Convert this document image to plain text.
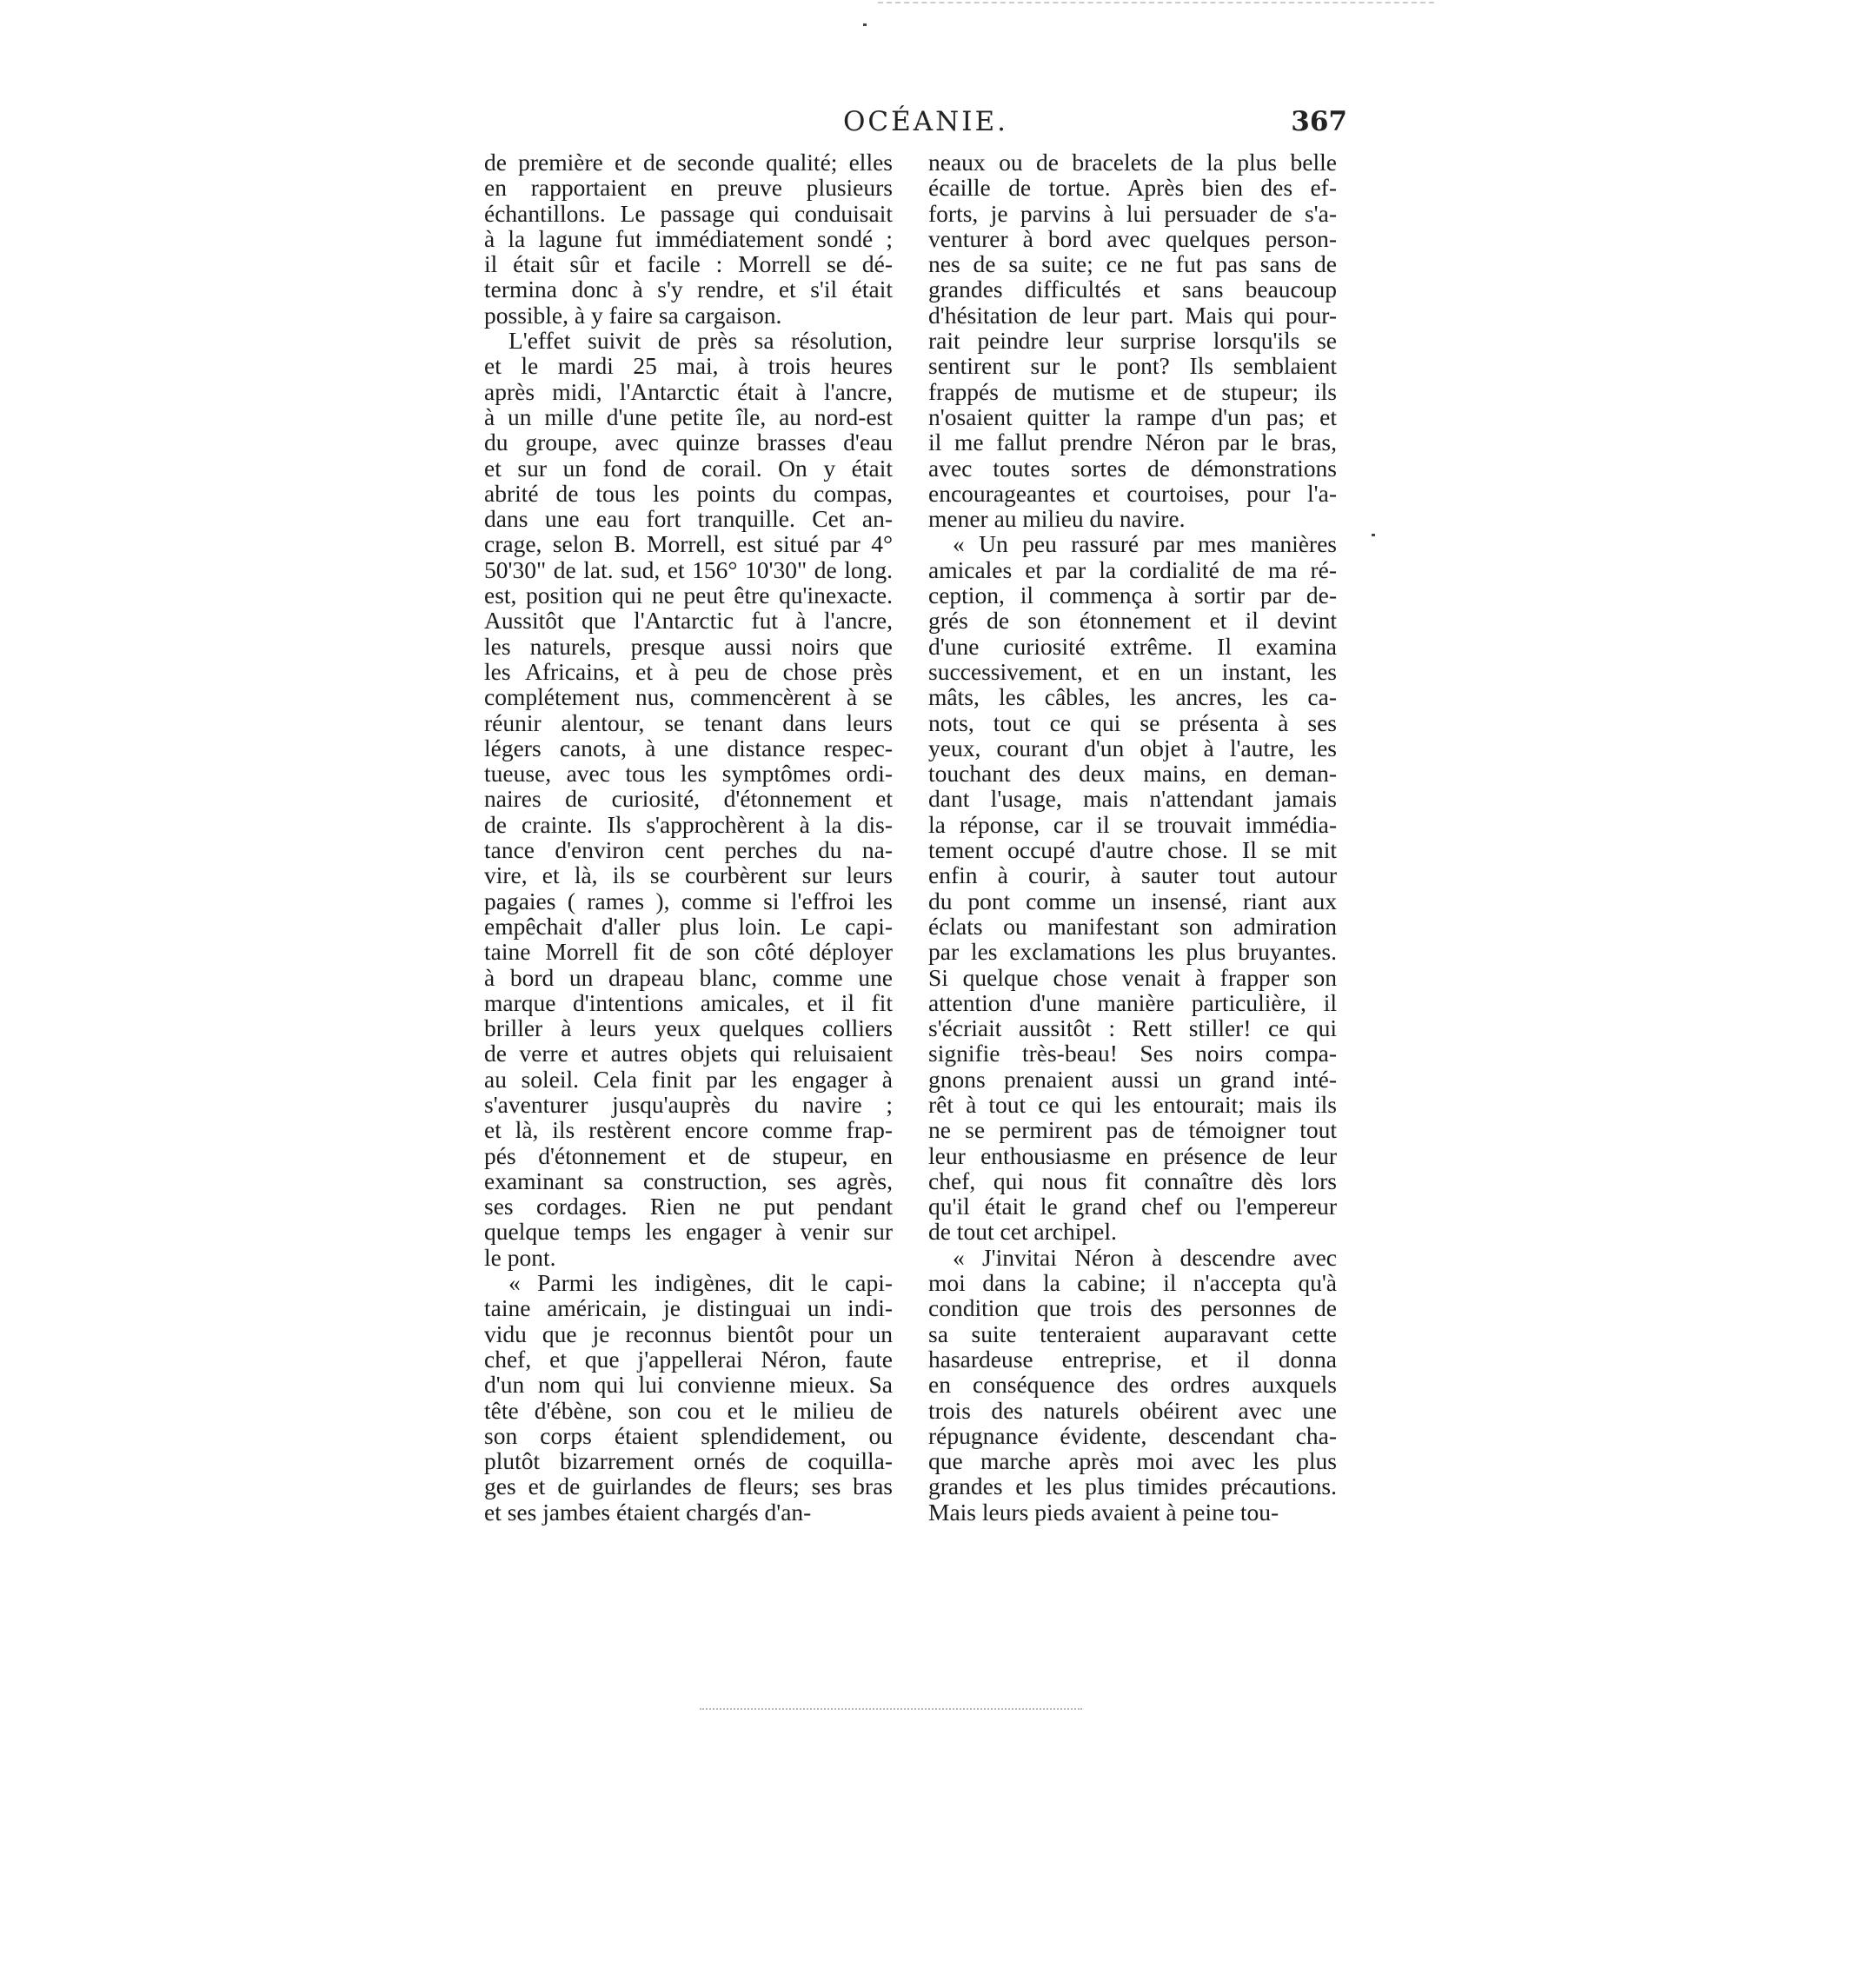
OCÉANIE.	367
de première et de seconde qualité; elles
en rapportaient en preuve plusieurs
échantillons. Le passage qui conduisait
à la lagune fut immédiatement sondé ;
il était sûr et facile : Morrell se dé-
termina donc à s'y rendre, et s'il était
possible, à y faire sa cargaison.
L'effet suivit de près sa résolution,
et le mardi 25 mai, à trois heures
après midi, l'Antarctic était à l'ancre,
à un mille d'une petite île, au nord-est
du groupe, avec quinze brasses d'eau
et sur un fond de corail. On y était
abrité de tous les points du compas,
dans une eau fort tranquille. Cet an-
crage, selon B. Morrell, est situé par 4°
50'30" de lat. sud, et 156° 10'30" de long.
est, position qui ne peut être qu'inexacte.
Aussitôt que l'Antarctic fut à l'ancre,
les naturels, presque aussi noirs que
les Africains, et à peu de chose près
complétement nus, commencèrent à se
réunir alentour, se tenant dans leurs
légers canots, à une distance respec-
tueuse, avec tous les symptômes ordi-
naires de curiosité, d'étonnement et
de crainte. Ils s'approchèrent à la dis-
tance d'environ cent perches du na-
vire, et là, ils se courbèrent sur leurs
pagaies ( rames ), comme si l'effroi les
empêchait d'aller plus loin. Le capi-
taine Morrell fit de son côté déployer
à bord un drapeau blanc, comme une
marque d'intentions amicales, et il fit
briller à leurs yeux quelques colliers
de verre et autres objets qui reluisaient
au soleil. Cela finit par les engager à
s'aventurer jusqu'auprès du navire ;
et là, ils restèrent encore comme frap-
pés d'étonnement et de stupeur, en
examinant sa construction, ses agrès,
ses cordages. Rien ne put pendant
quelque temps les engager à venir sur
le pont.
« Parmi les indigènes, dit le capi-
taine américain, je distinguai un indi-
vidu que je reconnus bientôt pour un
chef, et que j'appellerai Néron, faute
d'un nom qui lui convienne mieux. Sa
tête d'ébène, son cou et le milieu de
son corps étaient splendidement, ou
plutôt bizarrement ornés de coquilla-
ges et de guirlandes de fleurs; ses bras
et ses jambes étaient chargés d'an-
neaux ou de bracelets de la plus belle
écaille de tortue. Après bien des ef-
forts, je parvins à lui persuader de s'a-
venturer à bord avec quelques person-
nes de sa suite; ce ne fut pas sans de
grandes difficultés et sans beaucoup
d'hésitation de leur part. Mais qui pour-
rait peindre leur surprise lorsqu'ils se
sentirent sur le pont? Ils semblaient
frappés de mutisme et de stupeur; ils
n'osaient quitter la rampe d'un pas; et
il me fallut prendre Néron par le bras,
avec toutes sortes de démonstrations
encourageantes et courtoises, pour l'a-
mener au milieu du navire.
« Un peu rassuré par mes manières
amicales et par la cordialité de ma ré-
ception, il commença à sortir par de-
grés de son étonnement et il devint
d'une curiosité extrême. Il examina
successivement, et en un instant, les
mâts, les câbles, les ancres, les ca-
nots, tout ce qui se présenta à ses
yeux, courant d'un objet à l'autre, les
touchant des deux mains, en deman-
dant l'usage, mais n'attendant jamais
la réponse, car il se trouvait immédia-
tement occupé d'autre chose. Il se mit
enfin à courir, à sauter tout autour
du pont comme un insensé, riant aux
éclats ou manifestant son admiration
par les exclamations les plus bruyantes.
Si quelque chose venait à frapper son
attention d'une manière particulière, il
s'écriait aussitôt : Rett stiller! ce qui
signifie très-beau! Ses noirs compa-
gnons prenaient aussi un grand inté-
rêt à tout ce qui les entourait; mais ils
ne se permirent pas de témoigner tout
leur enthousiasme en présence de leur
chef, qui nous fit connaître dès lors
qu'il était le grand chef ou l'empereur
de tout cet archipel.
« J'invitai Néron à descendre avec
moi dans la cabine; il n'accepta qu'à
condition que trois des personnes de
sa suite tenteraient auparavant cette
hasardeuse entreprise, et il donna
en conséquence des ordres auxquels
trois des naturels obéirent avec une
répugnance évidente, descendant cha-
que marche après moi avec les plus
grandes et les plus timides précautions.
Mais leurs pieds avaient à peine tou-
